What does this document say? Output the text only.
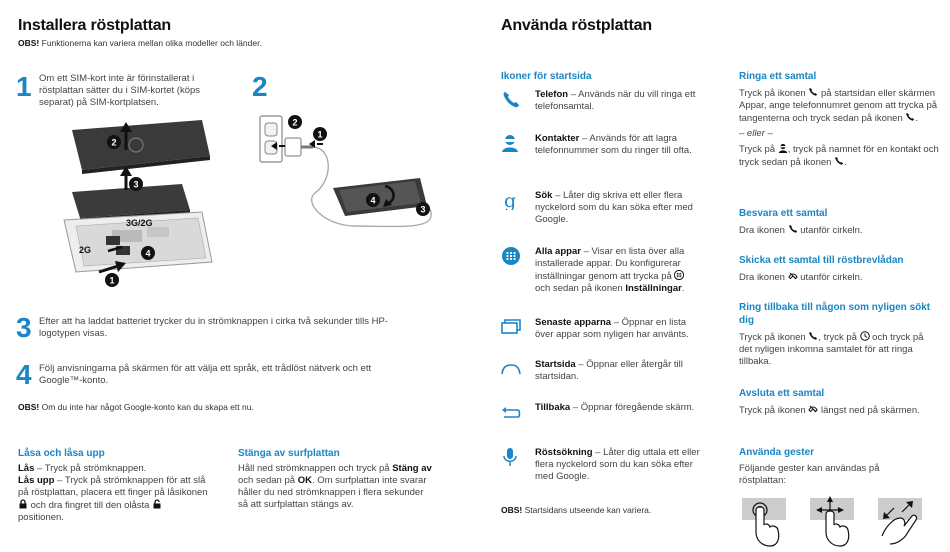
Installera röstplattan
OBS! Funktionerna kan variera mellan olika modeller och länder.
1 Om ett SIM-kort inte är förinstallerat i röstplattan sätter du i SIM-kortet (köps separat) på SIM-kortplatsen.
2
3
4
1
3G/2G
2G
2
1
2
3
4
3 Efter att ha laddat batteriet trycker du in strömknappen i cirka två sekunder tills HP-logotypen visas.
4 Följ anvisningarna på skärmen för att välja ett språk, ett trådlöst nätverk och ett Google™-konto.
OBS! Om du inte har något Google-konto kan du skapa ett nu.
Låsa och låsa upp
Lås – Tryck på strömknappen.
Lås upp – Tryck på strömknappen för att slå på röstplattan, placera ett finger på låsikonen  och dra fingret till den olåsta  positionen.
Stänga av surfplattan
Håll ned strömknappen och tryck på Stäng av och sedan på OK. Om surfplattan inte svarar håller du ned strömknappen i flera sekunder så att surfplattan stängs av.
Använda röstplattan
Ikoner för startsida
Telefon – Används när du vill ringa ett telefonsamtal.
Kontakter – Används för att lagra telefonnummer som du ringer till ofta.
g Sök – Låter dig skriva ett eller flera nyckelord som du kan söka efter med Google.
Alla appar – Visar en lista över alla installerade appar. Du konfigurerar inställningar genom att trycka på  och sedan på ikonen Inställningar.
Senaste apparna – Öppnar en lista över appar som nyligen har använts.
Startsida – Öppnar eller återgår till startsidan.
Tillbaka – Öppnar föregående skärm.
Röstsökning – Låter dig uttala ett eller flera nyckelord som du kan söka efter med Google.
OBS! Startsidans utseende kan variera.
Ringa ett samtal
Tryck på ikonen  på startsidan eller skärmen Appar, ange telefonnumret genom att trycka på tangenterna och tryck sedan på ikonen .
– eller –
Tryck på , tryck på namnet för en kontakt och tryck sedan på ikonen .
Besvara ett samtal
Dra ikonen  utanför cirkeln.
Skicka ett samtal till röstbrevlådan
Dra ikonen  utanför cirkeln.
Ring tillbaka till någon som nyligen sökt dig
Tryck på ikonen , tryck på  och tryck på det nyligen inkomna samtalet för att ringa tillbaka.
Avsluta ett samtal
Tryck på ikonen  längst ned på skärmen.
Använda gester
Följande gester kan användas på röstplattan:
